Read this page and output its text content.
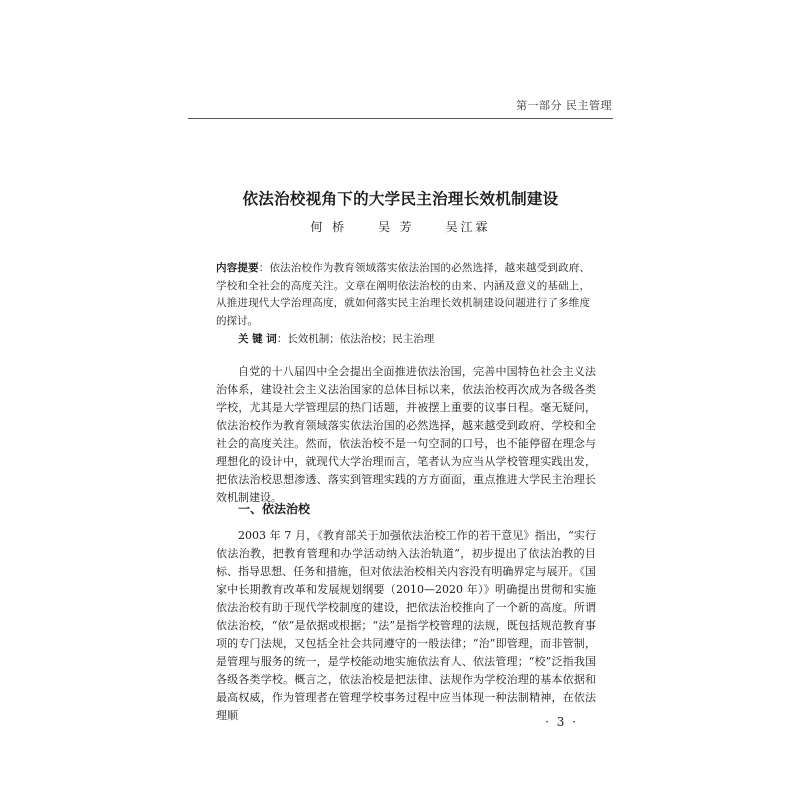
第一部分 民主管理
依法治校视角下的大学民主治理长效机制建设
何 桥	吴 芳	吴江霖
内容提要：依法治校作为教育领域落实依法治国的必然选择，越来越受到政府、学校和全社会的高度关注。文章在阐明依法治校的由来、内涵及意义的基础上，从推进现代大学治理高度，就如何落实民主治理长效机制建设问题进行了多维度的探讨。
关 键 词：长效机制；依法治校；民主治理

自党的十八届四中全会提出全面推进依法治国，完善中国特色社会主义法治体系，建设社会主义法治国家的总体目标以来，依法治校再次成为各级各类学校，尤其是大学管理层的热门话题，并被摆上重要的议事日程。毫无疑问，依法治校作为教育领域落实依法治国的必然选择，越来越受到政府、学校和全社会的高度关注。然而，依法治校不是一句空洞的口号，也不能停留在理念与理想化的设计中，就现代大学治理而言，笔者认为应当从学校管理实践出发，把依法治校思想渗透、落实到管理实践的方方面面，重点推进大学民主治理长效机制建设。

一、依法治校

2003 年 7 月，《教育部关于加强依法治校工作的若干意见》指出，“实行依法治教，把教育管理和办学活动纳入法治轨道”，初步提出了依法治教的目标、指导思想、任务和措施，但对依法治校相关内容没有明确界定与展开。《国家中长期教育改革和发展规划纲要（2010—2020 年）》明确提出贯彻和实施依法治校有助于现代学校制度的建设，把依法治校推向了一个新的高度。所谓依法治校，“依”是依据或根据；“法”是指学校管理的法规，既包括规范教育事项的专门法规，又包括全社会共同遵守的一般法律；“治”即管理，而非管制，是管理与服务的统一，是学校能动地实施依法育人、依法管理；“校”泛指我国各级各类学校。概言之，依法治校是把法律、法规作为学校治理的基本依据和最高权威，作为管理者在管理学校事务过程中应当体现一种法制精神，在依法理顺	· 3 ·
